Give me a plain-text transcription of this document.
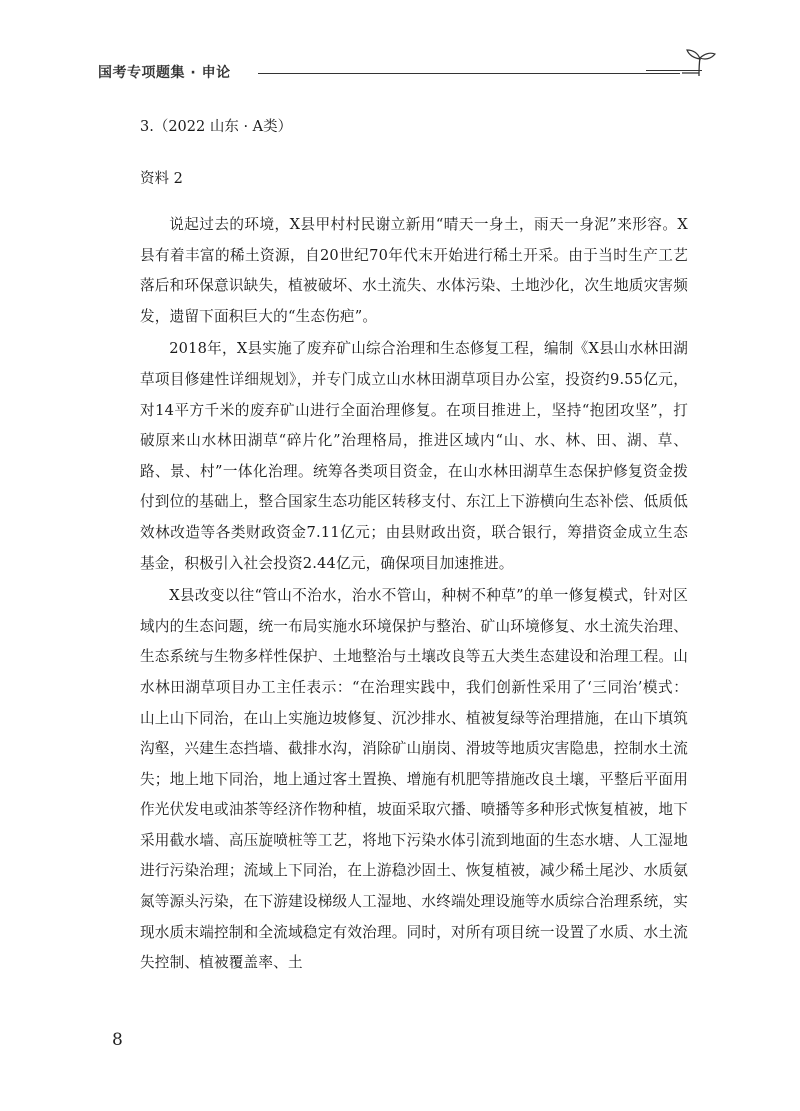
国考专项题集 · 申论

3.（2022 山东 · A类）

资料 2

说起过去的环境，X县甲村村民谢立新用“晴天一身土，雨天一身泥”来形容。X县有着丰富的稀土资源，自20世纪70年代末开始进行稀土开采。由于当时生产工艺落后和环保意识缺失，植被破坏、水土流失、水体污染、土地沙化，次生地质灾害频发，遗留下面积巨大的“生态伤疤”。

2018年，X县实施了废弃矿山综合治理和生态修复工程，编制《X县山水林田湖草项目修建性详细规划》，并专门成立山水林田湖草项目办公室，投资约9.55亿元，对14平方千米的废弃矿山进行全面治理修复。在项目推进上，坚持“抱团攻坚”，打破原来山水林田湖草“碎片化”治理格局，推进区域内“山、水、林、田、湖、草、路、景、村”一体化治理。统筹各类项目资金，在山水林田湖草生态保护修复资金拨付到位的基础上，整合国家生态功能区转移支付、东江上下游横向生态补偿、低质低效林改造等各类财政资金7.11亿元；由县财政出资，联合银行，筹措资金成立生态基金，积极引入社会投资2.44亿元，确保项目加速推进。

X县改变以往“管山不治水，治水不管山，种树不种草”的单一修复模式，针对区域内的生态问题，统一布局实施水环境保护与整治、矿山环境修复、水土流失治理、生态系统与生物多样性保护、土地整治与土壤改良等五大类生态建设和治理工程。山水林田湖草项目办工主任表示：“在治理实践中，我们创新性采用了‘三同治’模式：山上山下同治，在山上实施边坡修复、沉沙排水、植被复绿等治理措施，在山下填筑沟壑，兴建生态挡墙、截排水沟，消除矿山崩岗、滑坡等地质灾害隐患，控制水土流失；地上地下同治，地上通过客土置换、增施有机肥等措施改良土壤，平整后平面用作光伏发电或油茶等经济作物种植，坡面采取穴播、喷播等多种形式恢复植被，地下采用截水墙、高压旋喷桩等工艺，将地下污染水体引流到地面的生态水塘、人工湿地进行污染治理；流域上下同治，在上游稳沙固土、恢复植被，减少稀土尾沙、水质氨氮等源头污染，在下游建设梯级人工湿地、水终端处理设施等水质综合治理系统，实现水质末端控制和全流域稳定有效治理。同时，对所有项目统一设置了水质、水土流失控制、植被覆盖率、土

8
